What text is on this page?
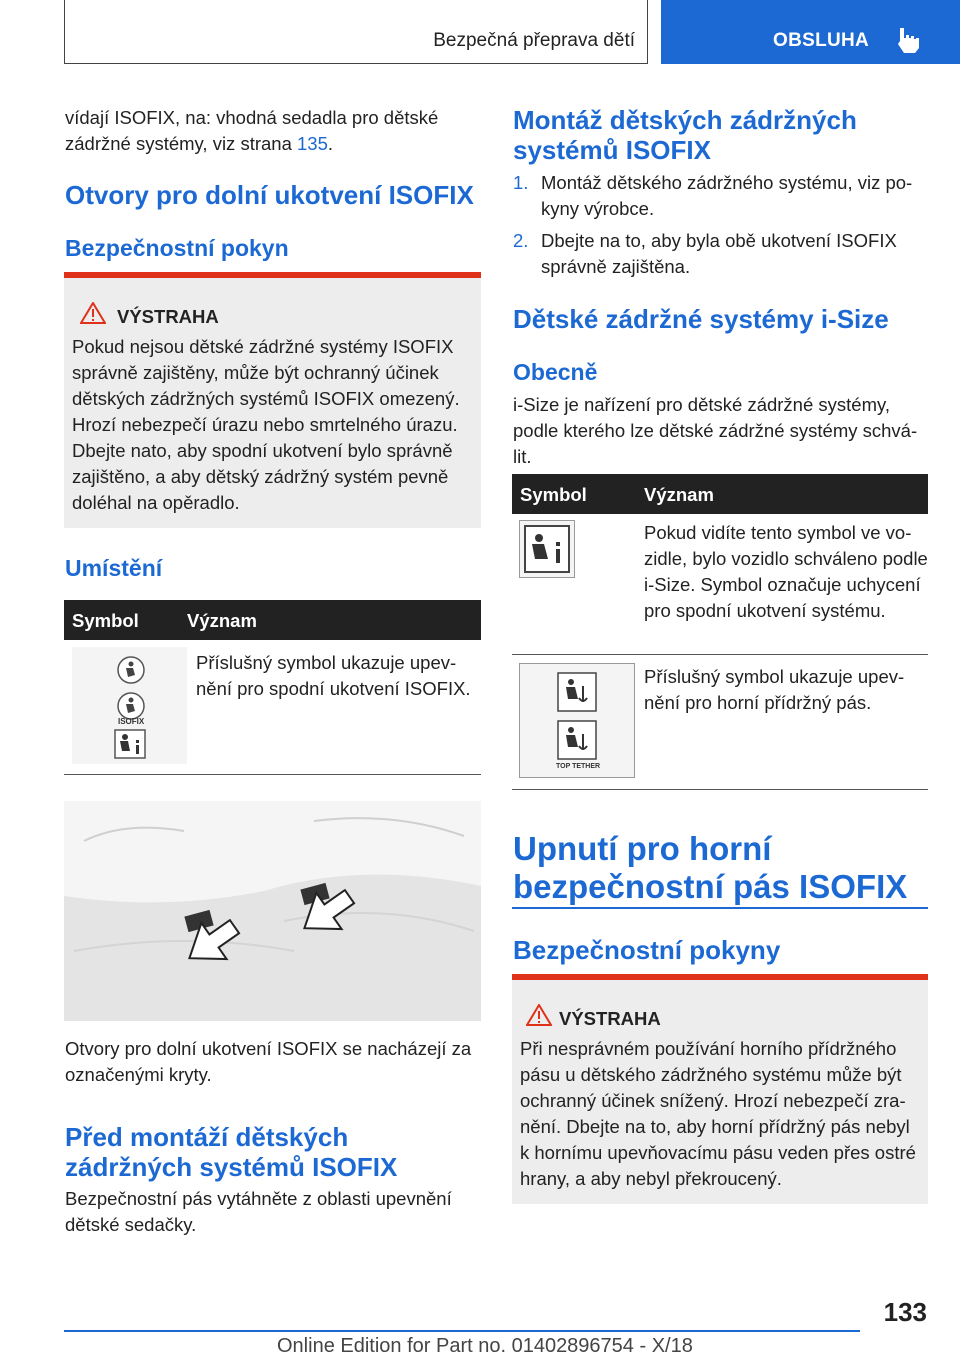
Bezpečná přeprava dětí	OBSLUHA
vídají ISOFIX, na: vhodná sedadla pro dětské zádržné systémy, viz strana 135.
Otvory pro dolní ukotvení ISOFIX
Bezpečnostní pokyn
VÝSTRAHA
Pokud nejsou dětské zádržné systémy ISOFIX správně zajištěny, může být ochranný účinek dětských zádržných systémů ISOFIX omezený. Hrozí nebezpečí úrazu nebo smrtelného úrazu. Dbejte nato, aby spodní ukotvení bylo správně zajištěno, a aby dětský zádržný systém pevně doléhal na opěradlo.
Umístění
Symbol	Význam
ISOFIX
Příslušný symbol ukazuje upev-nění pro spodní ukotvení ISOFIX.
Otvory pro dolní ukotvení ISOFIX se nacházejí za označenými kryty.
Před montáží dětských zádržných systémů ISOFIX
Bezpečnostní pás vytáhněte z oblasti upevnění dětské sedačky.
Montáž dětských zádržných systémů ISOFIX
1. Montáž dětského zádržného systému, viz po-kyny výrobce.
2. Dbejte na to, aby byla obě ukotvení ISOFIX správně zajištěna.
Dětské zádržné systémy i-Size
Obecně
i-Size je nařízení pro dětské zádržné systémy, podle kterého lze dětské zádržné systémy schvá-lit.
Symbol	Význam
Pokud vidíte tento symbol ve vo-zidle, bylo vozidlo schváleno podle i-Size. Symbol označuje uchycení pro spodní ukotvení systému.
TOP TETHER
Příslušný symbol ukazuje upev-nění pro horní přídržný pás.
Upnutí pro horní bezpečnostní pás ISOFIX
Bezpečnostní pokyny
VÝSTRAHA
Při nesprávném používání horního přídržného pásu u dětského zádržného systému může být ochranný účinek snížený. Hrozí nebezpečí zra-nění. Dbejte na to, aby horní přídržný pás nebyl k hornímu upevňovacímu pásu veden přes ostré hrany, a aby nebyl překroucený.
133
Online Edition for Part no. 01402896754 - X/18
